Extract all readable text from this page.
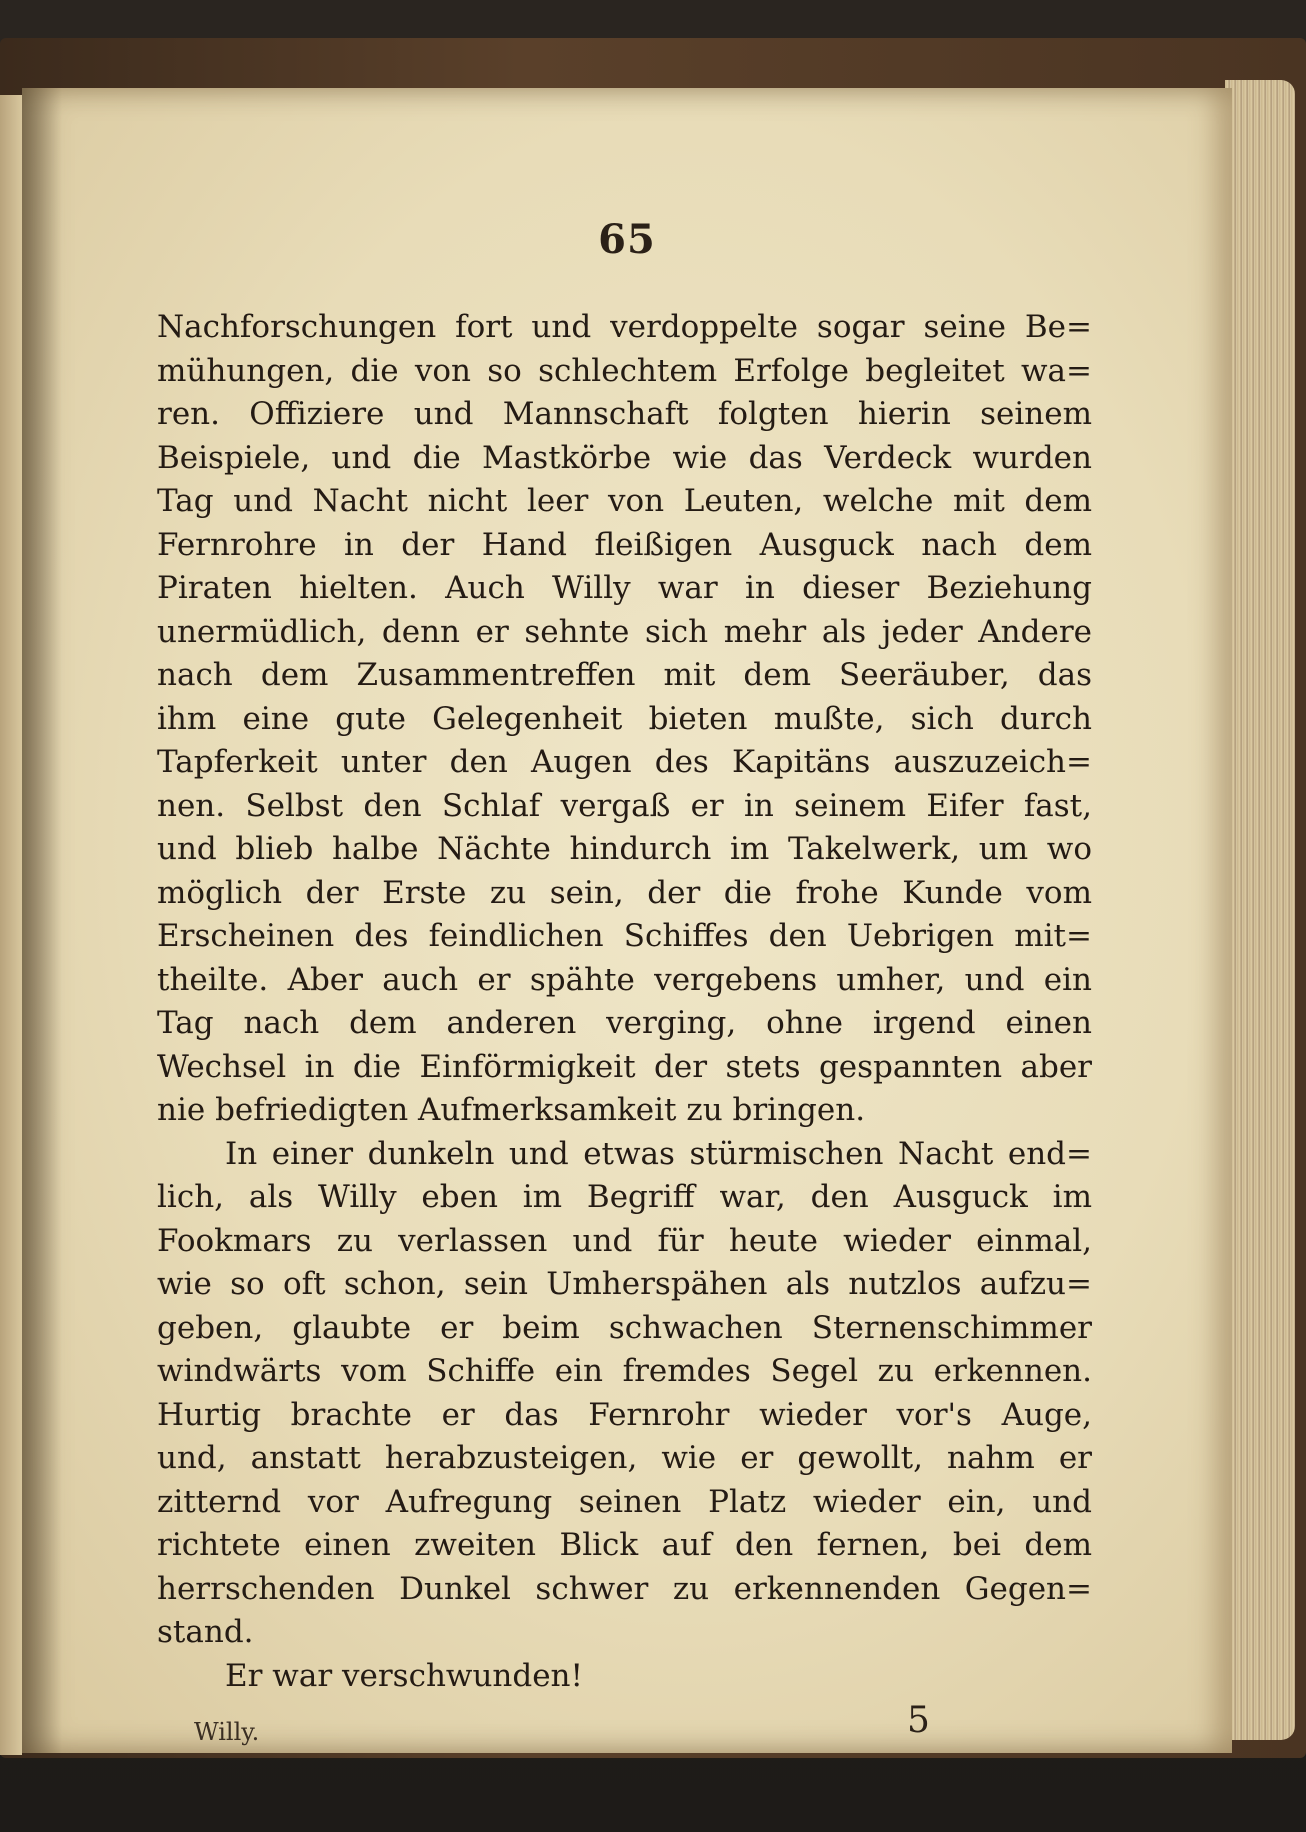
65
Nachforschungen fort und verdoppelte sogar seine Be=
mühungen, die von so schlechtem Erfolge begleitet wa=
ren. Offiziere und Mannschaft folgten hierin seinem
Beispiele, und die Mastkörbe wie das Verdeck wurden
Tag und Nacht nicht leer von Leuten, welche mit dem
Fernrohre in der Hand fleißigen Ausguck nach dem
Piraten hielten. Auch Willy war in dieser Beziehung
unermüdlich, denn er sehnte sich mehr als jeder Andere
nach dem Zusammentreffen mit dem Seeräuber, das
ihm eine gute Gelegenheit bieten mußte, sich durch
Tapferkeit unter den Augen des Kapitäns auszuzeich=
nen. Selbst den Schlaf vergaß er in seinem Eifer fast,
und blieb halbe Nächte hindurch im Takelwerk, um wo
möglich der Erste zu sein, der die frohe Kunde vom
Erscheinen des feindlichen Schiffes den Uebrigen mit=
theilte. Aber auch er spähte vergebens umher, und ein
Tag nach dem anderen verging, ohne irgend einen
Wechsel in die Einförmigkeit der stets gespannten aber
nie befriedigten Aufmerksamkeit zu bringen.
In einer dunkeln und etwas stürmischen Nacht end=
lich, als Willy eben im Begriff war, den Ausguck im
Fookmars zu verlassen und für heute wieder einmal,
wie so oft schon, sein Umherspähen als nutzlos aufzu=
geben, glaubte er beim schwachen Sternenschimmer
windwärts vom Schiffe ein fremdes Segel zu erkennen.
Hurtig brachte er das Fernrohr wieder vor's Auge,
und, anstatt herabzusteigen, wie er gewollt, nahm er
zitternd vor Aufregung seinen Platz wieder ein, und
richtete einen zweiten Blick auf den fernen, bei dem
herrschenden Dunkel schwer zu erkennenden Gegen=
stand.
Er war verschwunden!
Willy.	5
